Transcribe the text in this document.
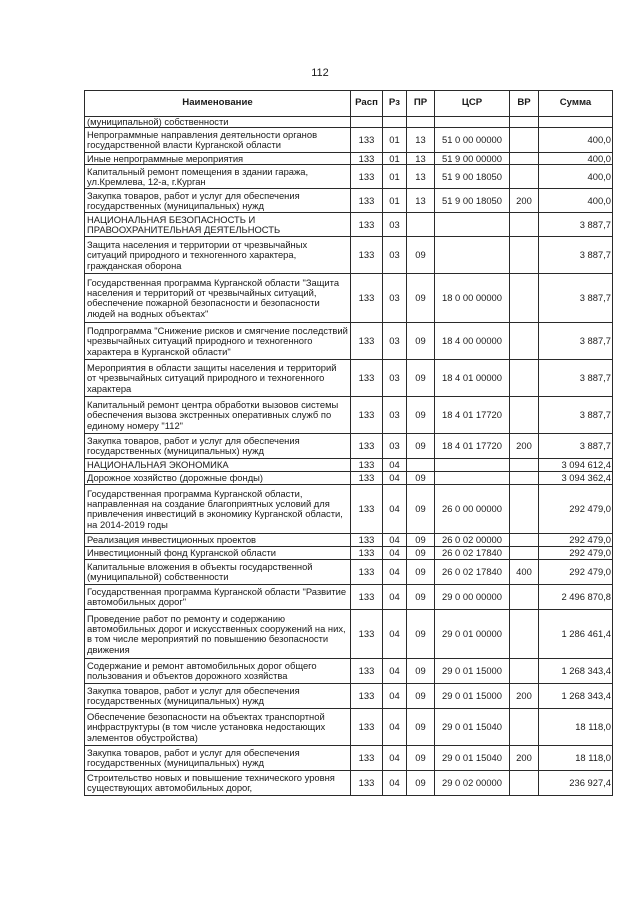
112
Наименование	Расп	Рз	ПР	ЦСР	ВР	Сумма
(муниципальной) собственности						
Непрограммные направления деятельности органов государственной власти Курганской области	133	01	13	51 0 00 00000		400,0
Иные непрограммные мероприятия	133	01	13	51 9 00 00000		400,0
Капитальный ремонт помещения в здании гаража, ул.Кремлева, 12-а, г.Курган	133	01	13	51 9 00 18050		400,0
Закупка товаров, работ и услуг для обеспечения государственных (муниципальных) нужд	133	01	13	51 9 00 18050	200	400,0
НАЦИОНАЛЬНАЯ БЕЗОПАСНОСТЬ И ПРАВООХРАНИТЕЛЬНАЯ ДЕЯТЕЛЬНОСТЬ	133	03				3 887,7
Защита населения и территории от чрезвычайных ситуаций природного и техногенного характера, гражданская оборона	133	03	09			3 887,7
Государственная программа Курганской области "Защита населения и территорий от чрезвычайных ситуаций, обеспечение пожарной безопасности и безопасности людей на водных объектах"	133	03	09	18 0 00 00000		3 887,7
Подпрограмма "Снижение рисков и смягчение последствий чрезвычайных ситуаций природного и техногенного характера в Курганской области"	133	03	09	18 4 00 00000		3 887,7
Мероприятия в области защиты населения и территорий от чрезвычайных ситуаций природного и техногенного характера	133	03	09	18 4 01 00000		3 887,7
Капитальный ремонт центра обработки вызовов системы обеспечения вызова экстренных оперативных служб по единому номеру "112"	133	03	09	18 4 01 17720		3 887,7
Закупка товаров, работ и услуг для обеспечения государственных (муниципальных) нужд	133	03	09	18 4 01 17720	200	3 887,7
НАЦИОНАЛЬНАЯ ЭКОНОМИКА	133	04				3 094 612,4
Дорожное хозяйство (дорожные фонды)	133	04	09			3 094 362,4
Государственная программа Курганской области, направленная на создание благоприятных условий для привлечения инвестиций в экономику Курганской области, на 2014-2019 годы	133	04	09	26 0 00 00000		292 479,0
Реализация инвестиционных проектов	133	04	09	26 0 02 00000		292 479,0
Инвестиционный фонд Курганской области	133	04	09	26 0 02 17840		292 479,0
Капитальные вложения в объекты государственной (муниципальной) собственности	133	04	09	26 0 02 17840	400	292 479,0
Государственная программа Курганской области "Развитие автомобильных дорог"	133	04	09	29 0 00 00000		2 496 870,8
Проведение работ по ремонту и содержанию автомобильных дорог и искусственных сооружений на них, в том числе мероприятий по повышению безопасности движения	133	04	09	29 0 01 00000		1 286 461,4
Содержание и ремонт автомобильных дорог общего пользования и объектов дорожного хозяйства	133	04	09	29 0 01 15000		1 268 343,4
Закупка товаров, работ и услуг для обеспечения государственных (муниципальных) нужд	133	04	09	29 0 01 15000	200	1 268 343,4
Обеспечение безопасности на объектах транспортной инфраструктуры (в том числе установка недостающих элементов обустройства)	133	04	09	29 0 01 15040		18 118,0
Закупка товаров, работ и услуг для обеспечения государственных (муниципальных) нужд	133	04	09	29 0 01 15040	200	18 118,0
Строительство новых и повышение технического уровня существующих автомобильных дорог,	133	04	09	29 0 02 00000		236 927,4
